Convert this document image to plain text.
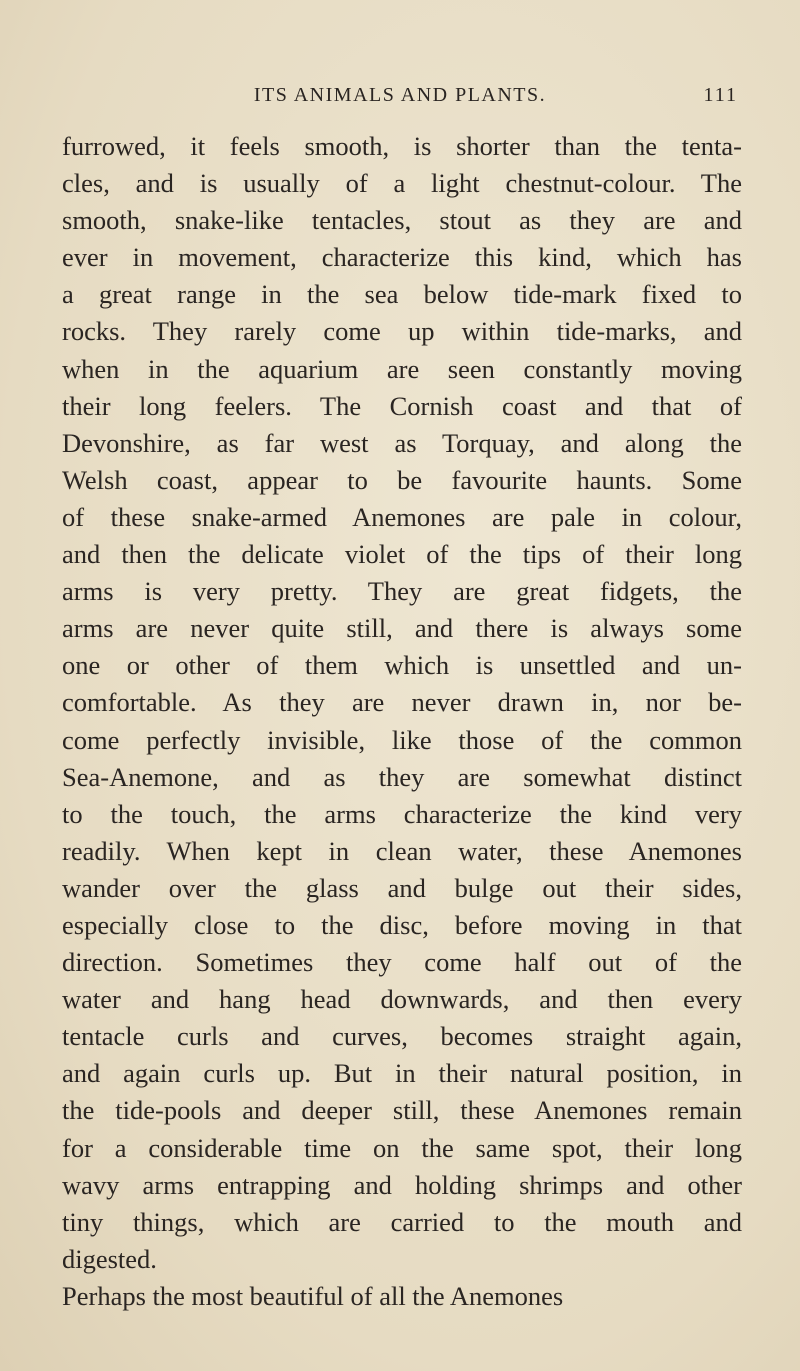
ITS ANIMALS AND PLANTS.	111
furrowed, it feels smooth, is shorter than the tenta-
cles, and is usually of a light chestnut-colour. The
smooth, snake-like tentacles, stout as they are and
ever in movement, characterize this kind, which has
a great range in the sea below tide-mark fixed to
rocks. They rarely come up within tide-marks, and
when in the aquarium are seen constantly moving
their long feelers. The Cornish coast and that of
Devonshire, as far west as Torquay, and along the
Welsh coast, appear to be favourite haunts. Some
of these snake-armed Anemones are pale in colour,
and then the delicate violet of the tips of their long
arms is very pretty. They are great fidgets, the
arms are never quite still, and there is always some
one or other of them which is unsettled and un-
comfortable. As they are never drawn in, nor be-
come perfectly invisible, like those of the common
Sea-Anemone, and as they are somewhat distinct
to the touch, the arms characterize the kind very
readily. When kept in clean water, these Anemones
wander over the glass and bulge out their sides,
especially close to the disc, before moving in that
direction. Sometimes they come half out of the
water and hang head downwards, and then every
tentacle curls and curves, becomes straight again,
and again curls up. But in their natural position, in
the tide-pools and deeper still, these Anemones remain
for a considerable time on the same spot, their long
wavy arms entrapping and holding shrimps and other
tiny things, which are carried to the mouth and
digested.
Perhaps the most beautiful of all the Anemones
